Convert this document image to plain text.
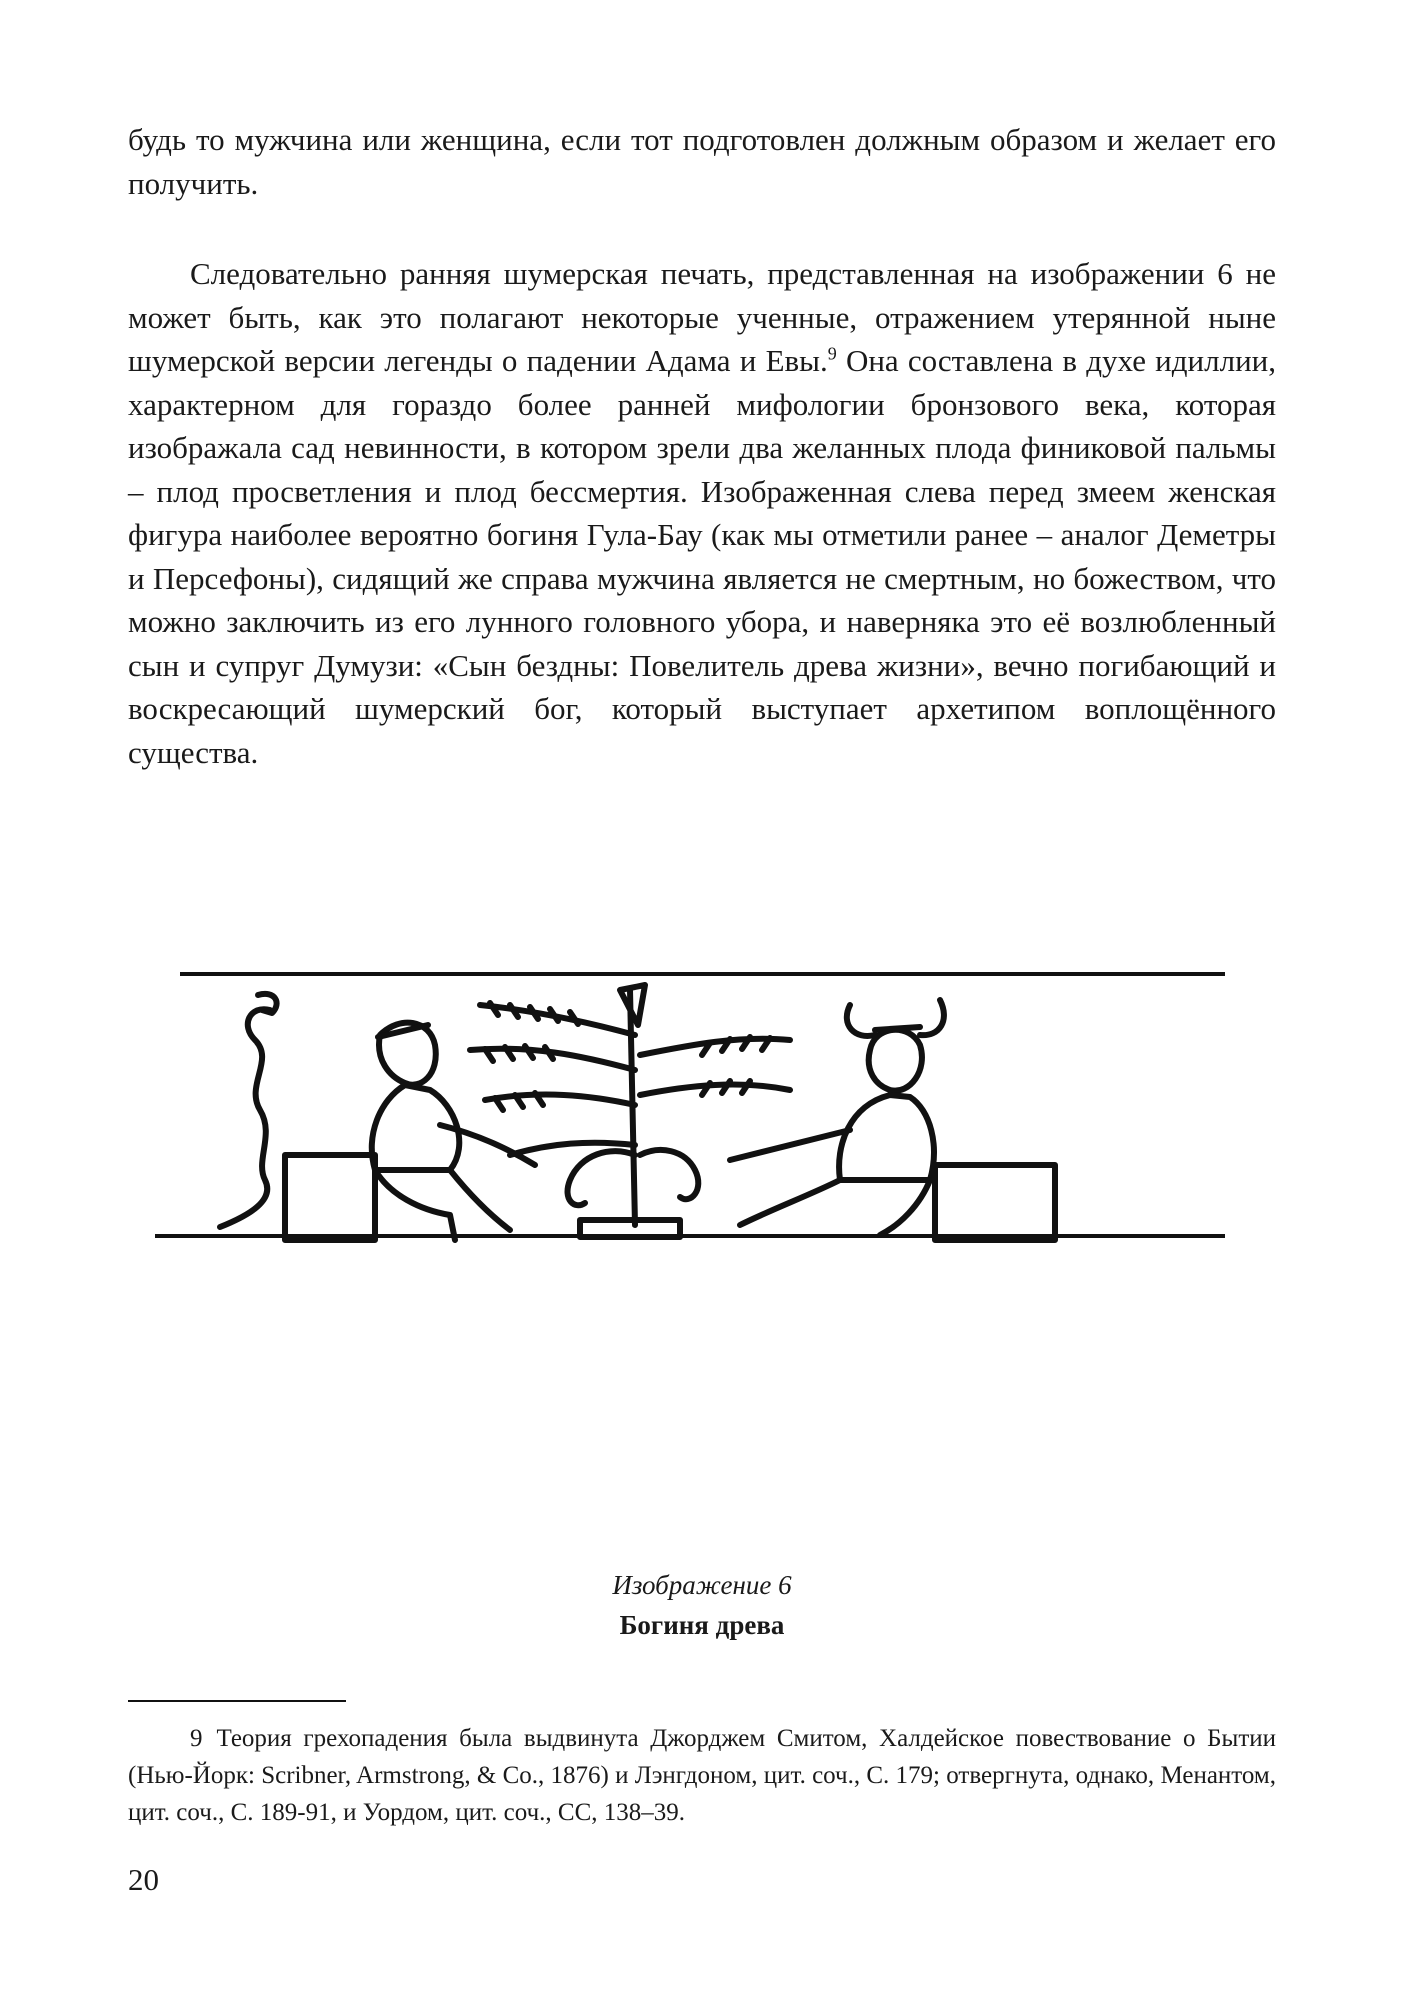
будь то мужчина или женщина, если тот подготовлен должным образом и желает его получить.

Следовательно ранняя шумерская печать, представленная на изображении 6 не может быть, как это полагают некоторые ученные, отражением утерянной ныне шумерской версии легенды о падении Адама и Евы.$^9$ Она составлена в духе идиллии, характерном для гораздо более ранней мифологии бронзового века, которая изображала сад невинности, в котором зрели два желанных плода финиковой пальмы – плод просветления и плод бессмертия. Изображенная слева перед змеем женская фигура наиболее вероятно богиня Гула-Бау (как мы отметили ранее – аналог Деметры и Персефоны), сидящий же справа мужчина является не смертным, но божеством, что можно заключить из его лунного головного убора, и наверняка это её возлюбленный сын и супруг Думузи: «Сын бездны: Повелитель древа жизни», вечно погибающий и воскресающий шумерский бог, который выступает архетипом воплощённого существа.

Изображение 6
Богиня древа
9 Теория грехопадения была выдвинута Джорджем Смитом, Халдейское повествование о Бытии (Нью-Йорк: Scribner, Armstrong, & Co., 1876) и Лэнгдоном, цит. соч., С. 179; отвергнута, однако, Менантом, цит. соч., С. 189-91, и Уордом, цит. соч., СС, 138–39.
20
